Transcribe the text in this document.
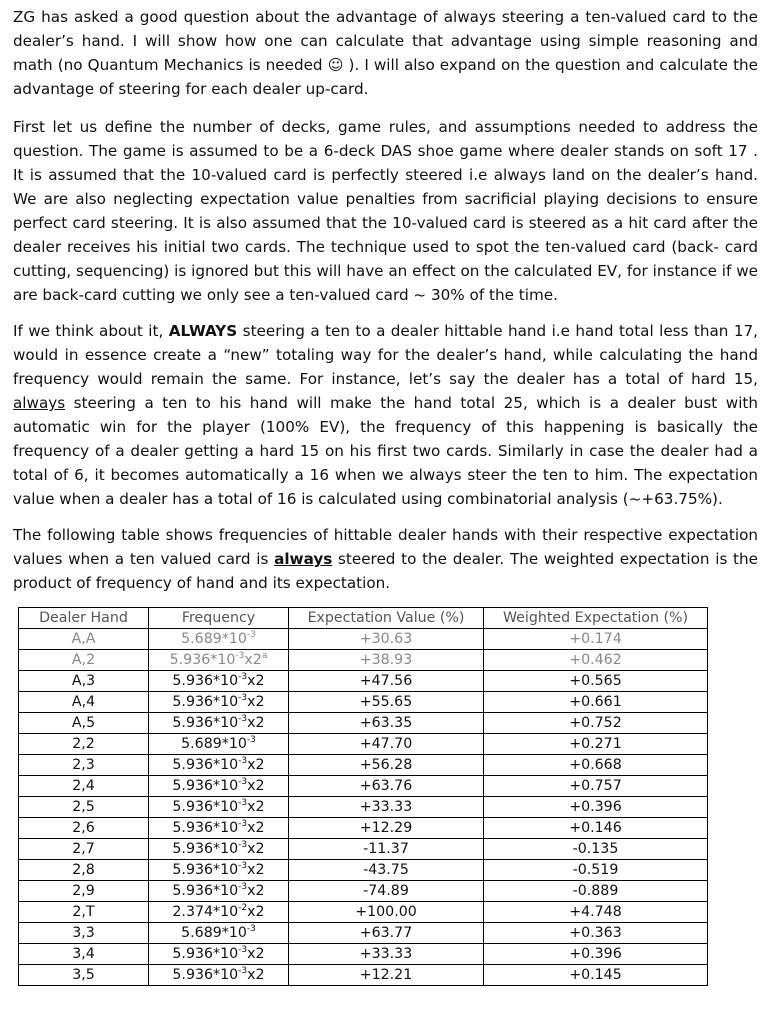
ZG has asked a good question about the advantage of always steering a ten-valued card to the dealer’s hand. I will show how one can calculate that advantage using simple reasoning and math (no Quantum Mechanics is needed ☺ ). I will also expand on the question and calculate the advantage of steering for each dealer up-card.

First let us define the number of decks, game rules, and assumptions needed to address the question. The game is assumed to be a 6-deck DAS shoe game where dealer stands on soft 17 . It is assumed that the 10-valued card is perfectly steered i.e always land on the dealer’s hand. We are also neglecting expectation value penalties from sacrificial playing decisions to ensure perfect card steering. It is also assumed that the 10-valued card is steered as a hit card after the dealer receives his initial two cards. The technique used to spot the ten-valued card (back- card cutting, sequencing) is ignored but this will have an effect on the calculated EV, for instance if we are back-card cutting we only see a ten-valued card ~ 30% of the time.

If we think about it, ALWAYS steering a ten to a dealer hittable hand i.e hand total less than 17, would in essence create a “new” totaling way for the dealer’s hand, while calculating the hand frequency would remain the same. For instance, let’s say the dealer has a total of hard 15, always steering a ten to his hand will make the hand total 25, which is a dealer bust with automatic win for the player (100% EV), the frequency of this happening is basically the frequency of a dealer getting a hard 15 on his first two cards. Similarly in case the dealer had a total of 6, it becomes automatically a 16 when we always steer the ten to him. The expectation value when a dealer has a total of 16 is calculated using combinatorial analysis (~+63.75%).

The following table shows frequencies of hittable dealer hands with their respective expectation values when a ten valued card is always steered to the dealer. The weighted expectation is the product of frequency of hand and its expectation.

Dealer Hand	Frequency	Expectation Value (%)	Weighted Expectation (%)
A,A	$5.689*10^{-3}$	+30.63	+0.174
A,2	$5.936*10^{-3}x2^a$	+38.93	+0.462
A,3	$5.936*10^{-3}x2$	+47.56	+0.565
A,4	$5.936*10^{-3}x2$	+55.65	+0.661
A,5	$5.936*10^{-3}x2$	+63.35	+0.752
2,2	$5.689*10^{-3}$	+47.70	+0.271
2,3	$5.936*10^{-3}x2$	+56.28	+0.668
2,4	$5.936*10^{-3}x2$	+63.76	+0.757
2,5	$5.936*10^{-3}x2$	+33.33	+0.396
2,6	$5.936*10^{-3}x2$	+12.29	+0.146
2,7	$5.936*10^{-3}x2$	-11.37	-0.135
2,8	$5.936*10^{-3}x2$	-43.75	-0.519
2,9	$5.936*10^{-3}x2$	-74.89	-0.889
2,T	$2.374*10^{-2}x2$	+100.00	+4.748
3,3	$5.689*10^{-3}$	+63.77	+0.363
3,4	$5.936*10^{-3}x2$	+33.33	+0.396
3,5	$5.936*10^{-3}x2$	+12.21	+0.145
